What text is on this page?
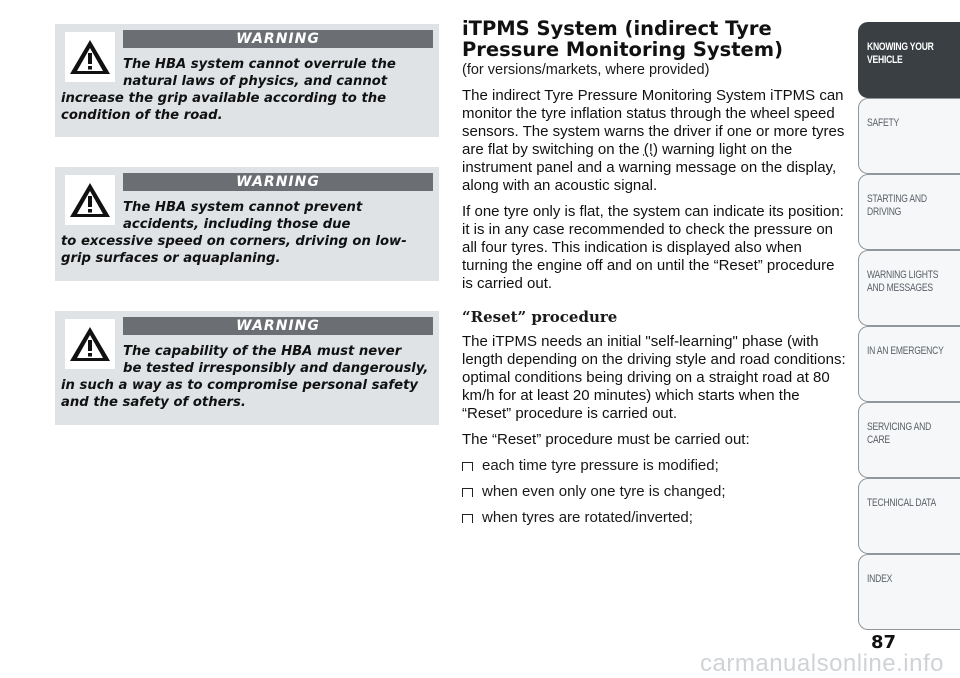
WARNING
The HBA system cannot overrule the
natural laws of physics, and cannot
increase the grip available according to the condition of the road.
WARNING
The HBA system cannot prevent
accidents, including those due
to excessive speed on corners, driving on low-grip surfaces or aquaplaning.
WARNING
The capability of the HBA must never
be tested irresponsibly and dangerously,
in such a way as to compromise personal safety and the safety of others.
iTPMS System (indirect Tyre
Pressure Monitoring System)
(for versions/markets, where provided)
The indirect Tyre Pressure Monitoring System iTPMS can monitor the tyre inflation status through the wheel speed sensors. The system warns the driver if one or more tyres are flat by switching on the (!) warning light on the instrument panel and a warning message on the display, along with an acoustic signal.
If one tyre only is flat, the system can indicate its position: it is in any case recommended to check the pressure on all four tyres. This indication is displayed also when turning the engine off and on until the “Reset” procedure is carried out.
“Reset” procedure
The iTPMS needs an initial "self-learning" phase (with length depending on the driving style and road conditions: optimal conditions being driving on a straight road at 80 km/h for at least 20 minutes) which starts when the “Reset” procedure is carried out.
The “Reset” procedure must be carried out:
each time tyre pressure is modified;
when even only one tyre is changed;
when tyres are rotated/inverted;
KNOWING YOUR
VEHICLE
SAFETY
STARTING AND
DRIVING
WARNING LIGHTS
AND MESSAGES
IN AN EMERGENCY
SERVICING AND
CARE
TECHNICAL DATA
INDEX
87
carmanualsonline.info
